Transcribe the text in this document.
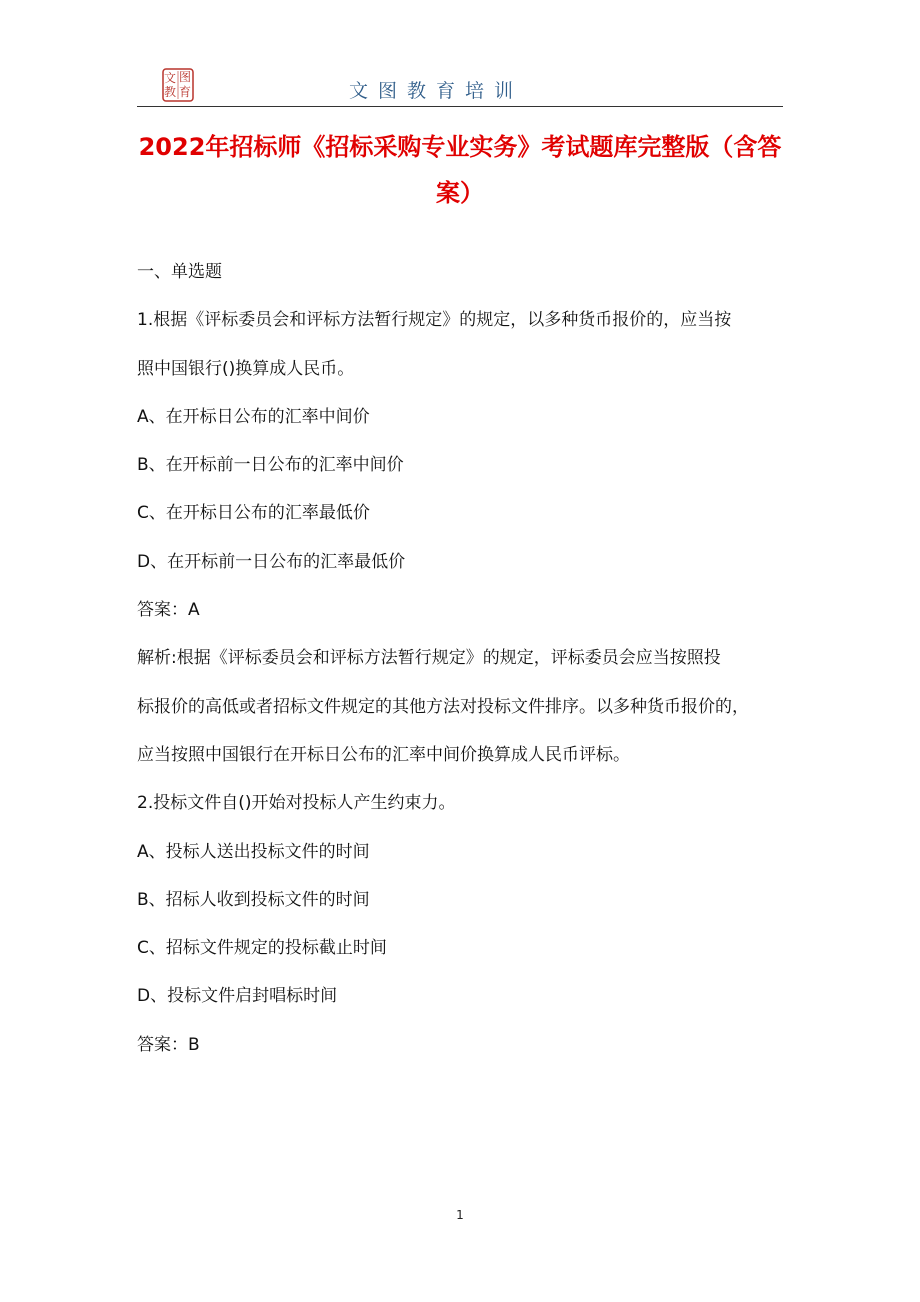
文 图
教 育	文图教育培训
2022年招标师《招标采购专业实务》考试题库完整版（含答
案）
一、单选题
1.根据《评标委员会和评标方法暂行规定》的规定，以多种货币报价的，应当按
照中国银行()换算成人民币。
A、在开标日公布的汇率中间价
B、在开标前一日公布的汇率中间价
C、在开标日公布的汇率最低价
D、在开标前一日公布的汇率最低价
答案：A
解析:根据《评标委员会和评标方法暂行规定》的规定，评标委员会应当按照投
标报价的高低或者招标文件规定的其他方法对投标文件排序。以多种货币报价的，
应当按照中国银行在开标日公布的汇率中间价换算成人民币评标。
2.投标文件自()开始对投标人产生约束力。
A、投标人送出投标文件的时间
B、招标人收到投标文件的时间
C、招标文件规定的投标截止时间
D、投标文件启封唱标时间
答案：B
1
